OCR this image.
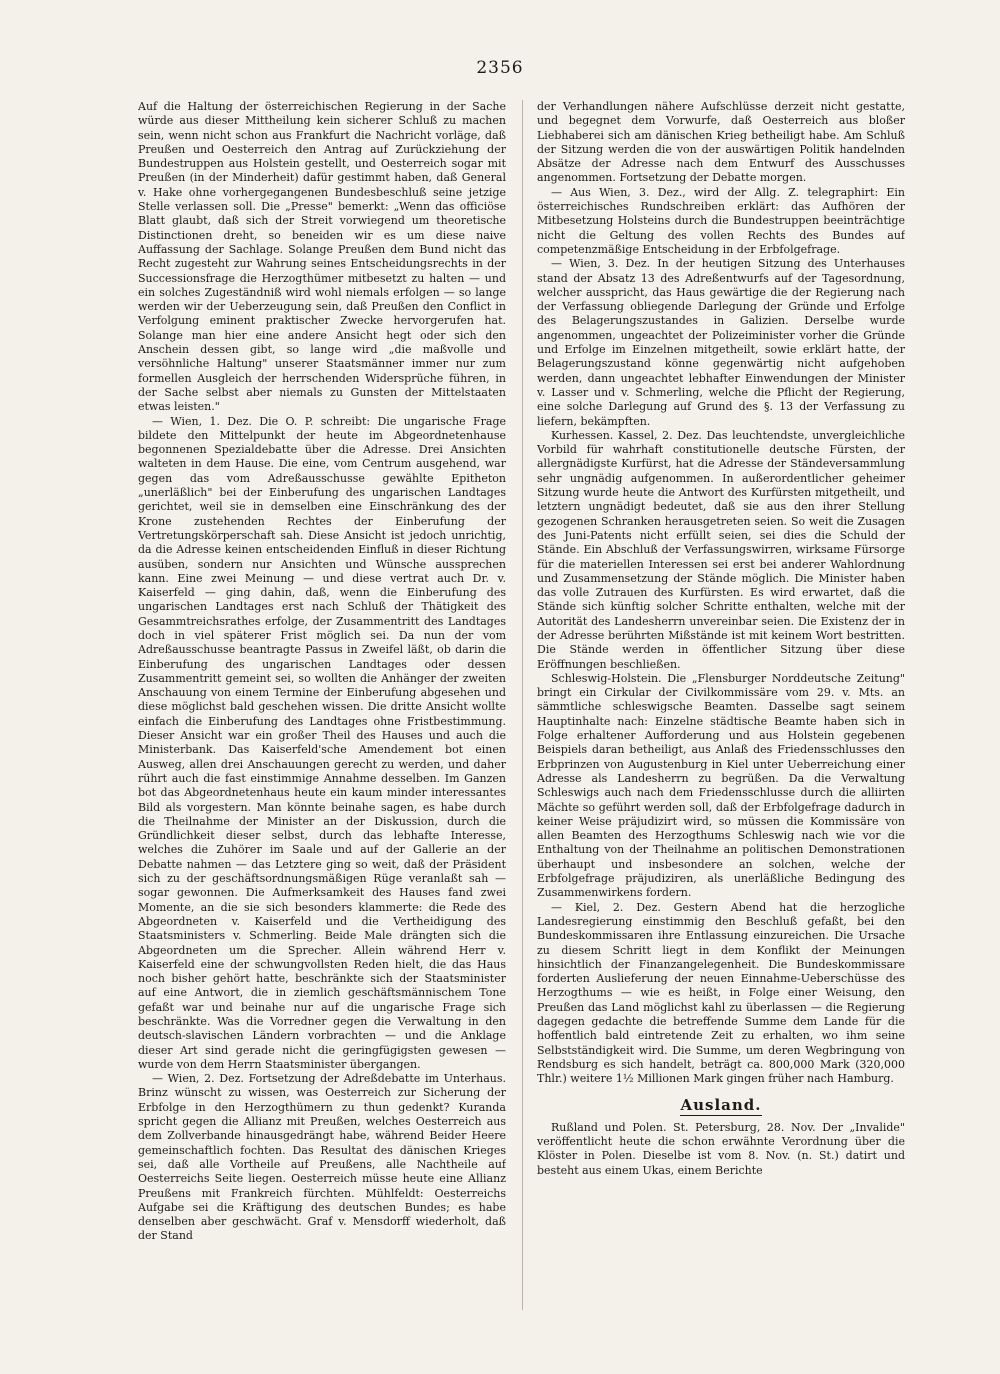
2356

Auf die Haltung der österreichischen Regierung in der Sache würde aus dieser Mittheilung kein sicherer Schluß zu machen sein, wenn nicht schon aus Frankfurt die Nachricht vorläge, daß Preußen und Oesterreich den Antrag auf Zurückziehung der Bundestruppen aus Holstein gestellt, und Oesterreich sogar mit Preußen (in der Minderheit) dafür gestimmt haben, daß General v. Hake ohne vorhergegangenen Bundesbeschluß seine jetzige Stelle verlassen soll. Die „Presse" bemerkt: „Wenn das officiöse Blatt glaubt, daß sich der Streit vorwiegend um theoretische Distinctionen dreht, so beneiden wir es um diese naive Auffassung der Sachlage. Solange Preußen dem Bund nicht das Recht zugesteht zur Wahrung seines Entscheidungsrechts in der Successionsfrage die Herzogthümer mitbesetzt zu halten — und ein solches Zugeständniß wird wohl niemals erfolgen — so lange werden wir der Ueberzeugung sein, daß Preußen den Conflict in Verfolgung eminent praktischer Zwecke hervorgerufen hat. Solange man hier eine andere Ansicht hegt oder sich den Anschein dessen gibt, so lange wird „die maßvolle und versöhnliche Haltung" unserer Staatsmänner immer nur zum formellen Ausgleich der herrschenden Widersprüche führen, in der Sache selbst aber niemals zu Gunsten der Mittelstaaten etwas leisten."

— Wien, 1. Dez. Die O. P. schreibt: Die ungarische Frage bildete den Mittelpunkt der heute im Abgeordnetenhause begonnenen Spezialdebatte über die Adresse. Drei Ansichten walteten in dem Hause. Die eine, vom Centrum ausgehend, war gegen das vom Adreßausschusse gewählte Epitheton „unerläßlich" bei der Einberufung des ungarischen Landtages gerichtet, weil sie in demselben eine Einschränkung des der Krone zustehenden Rechtes der Einberufung der Vertretungskörperschaft sah. Diese Ansicht ist jedoch unrichtig, da die Adresse keinen entscheidenden Einfluß in dieser Richtung ausüben, sondern nur Ansichten und Wünsche aussprechen kann. Eine zwei Meinung — und diese vertrat auch Dr. v. Kaiserfeld — ging dahin, daß, wenn die Einberufung des ungarischen Landtages erst nach Schluß der Thätigkeit des Gesammtreichsrathes erfolge, der Zusammentritt des Landtages doch in viel späterer Frist möglich sei. Da nun der vom Adreßausschusse beantragte Passus in Zweifel läßt, ob darin die Einberufung des ungarischen Landtages oder dessen Zusammentritt gemeint sei, so wollten die Anhänger der zweiten Anschauung von einem Termine der Einberufung abgesehen und diese möglichst bald geschehen wissen. Die dritte Ansicht wollte einfach die Einberufung des Landtages ohne Fristbestimmung. Dieser Ansicht war ein großer Theil des Hauses und auch die Ministerbank. Das Kaiserfeld'sche Amendement bot einen Ausweg, allen drei Anschauungen gerecht zu werden, und daher rührt auch die fast einstimmige Annahme desselben. Im Ganzen bot das Abgeordnetenhaus heute ein kaum minder interessantes Bild als vorgestern. Man könnte beinahe sagen, es habe durch die Theilnahme der Minister an der Diskussion, durch die Gründlichkeit dieser selbst, durch das lebhafte Interesse, welches die Zuhörer im Saale und auf der Gallerie an der Debatte nahmen — das Letztere ging so weit, daß der Präsident sich zu der geschäftsordnungsmäßigen Rüge veranlaßt sah — sogar gewonnen. Die Aufmerksamkeit des Hauses fand zwei Momente, an die sie sich besonders klammerte: die Rede des Abgeordneten v. Kaiserfeld und die Vertheidigung des Staatsministers v. Schmerling. Beide Male drängten sich die Abgeordneten um die Sprecher. Allein während Herr v. Kaiserfeld eine der schwungvollsten Reden hielt, die das Haus noch bisher gehört hatte, beschränkte sich der Staatsminister auf eine Antwort, die in ziemlich geschäftsmännischem Tone gefaßt war und beinahe nur auf die ungarische Frage sich beschränkte. Was die Vorredner gegen die Verwaltung in den deutsch-slavischen Ländern vorbrachten — und die Anklage dieser Art sind gerade nicht die geringfügigsten gewesen — wurde von dem Herrn Staatsminister übergangen.

— Wien, 2. Dez. Fortsetzung der Adreßdebatte im Unterhaus. Brinz wünscht zu wissen, was Oesterreich zur Sicherung der Erbfolge in den Herzogthümern zu thun gedenkt? Kuranda spricht gegen die Allianz mit Preußen, welches Oesterreich aus dem Zollverbande hinausgedrängt habe, während Beider Heere gemeinschaftlich fochten. Das Resultat des dänischen Krieges sei, daß alle Vortheile auf Preußens, alle Nachtheile auf Oesterreichs Seite liegen. Oesterreich müsse heute eine Allianz Preußens mit Frankreich fürchten. Mühlfeldt: Oesterreichs Aufgabe sei die Kräftigung des deutschen Bundes; es habe denselben aber geschwächt. Graf v. Mensdorff wiederholt, daß der Stand

der Verhandlungen nähere Aufschlüsse derzeit nicht gestatte, und begegnet dem Vorwurfe, daß Oesterreich aus bloßer Liebhaberei sich am dänischen Krieg betheiligt habe. Am Schluß der Sitzung werden die von der auswärtigen Politik handelnden Absätze der Adresse nach dem Entwurf des Ausschusses angenommen. Fortsetzung der Debatte morgen.

— Aus Wien, 3. Dez., wird der Allg. Z. telegraphirt: Ein österreichisches Rundschreiben erklärt: das Aufhören der Mitbesetzung Holsteins durch die Bundestruppen beeinträchtige nicht die Geltung des vollen Rechts des Bundes auf competenzmäßige Entscheidung in der Erbfolgefrage.

— Wien, 3. Dez. In der heutigen Sitzung des Unterhauses stand der Absatz 13 des Adreßentwurfs auf der Tagesordnung, welcher ausspricht, das Haus gewärtige die der Regierung nach der Verfassung obliegende Darlegung der Gründe und Erfolge des Belagerungszustandes in Galizien. Derselbe wurde angenommen, ungeachtet der Polizeiminister vorher die Gründe und Erfolge im Einzelnen mitgetheilt, sowie erklärt hatte, der Belagerungszustand könne gegenwärtig nicht aufgehoben werden, dann ungeachtet lebhafter Einwendungen der Minister v. Lasser und v. Schmerling, welche die Pflicht der Regierung, eine solche Darlegung auf Grund des §. 13 der Verfassung zu liefern, bekämpften.

Kurhessen. Kassel, 2. Dez. Das leuchtendste, unvergleichliche Vorbild für wahrhaft constitutionelle deutsche Fürsten, der allergnädigste Kurfürst, hat die Adresse der Ständeversammlung sehr ungnädig aufgenommen. In außerordentlicher geheimer Sitzung wurde heute die Antwort des Kurfürsten mitgetheilt, und letztern ungnädigt bedeutet, daß sie aus den ihrer Stellung gezogenen Schranken herausgetreten seien. So weit die Zusagen des Juni-Patents nicht erfüllt seien, sei dies die Schuld der Stände. Ein Abschluß der Verfassungswirren, wirksame Fürsorge für die materiellen Interessen sei erst bei anderer Wahlordnung und Zusammensetzung der Stände möglich. Die Minister haben das volle Zutrauen des Kurfürsten. Es wird erwartet, daß die Stände sich künftig solcher Schritte enthalten, welche mit der Autorität des Landesherrn unvereinbar seien. Die Existenz der in der Adresse berührten Mißstände ist mit keinem Wort bestritten. Die Stände werden in öffentlicher Sitzung über diese Eröffnungen beschließen.

Schleswig-Holstein. Die „Flensburger Norddeutsche Zeitung" bringt ein Cirkular der Civilkommissäre vom 29. v. Mts. an sämmtliche schleswigsche Beamten. Dasselbe sagt seinem Hauptinhalte nach: Einzelne städtische Beamte haben sich in Folge erhaltener Aufforderung und aus Holstein gegebenen Beispiels daran betheiligt, aus Anlaß des Friedensschlusses den Erbprinzen von Augustenburg in Kiel unter Ueberreichung einer Adresse als Landesherrn zu begrüßen. Da die Verwaltung Schleswigs auch nach dem Friedensschlusse durch die alliirten Mächte so geführt werden soll, daß der Erbfolgefrage dadurch in keiner Weise präjudizirt wird, so müssen die Kommissäre von allen Beamten des Herzogthums Schleswig nach wie vor die Enthaltung von der Theilnahme an politischen Demonstrationen überhaupt und insbesondere an solchen, welche der Erbfolgefrage präjudiziren, als unerläßliche Bedingung des Zusammenwirkens fordern.

— Kiel, 2. Dez. Gestern Abend hat die herzogliche Landesregierung einstimmig den Beschluß gefaßt, bei den Bundeskommissaren ihre Entlassung einzureichen. Die Ursache zu diesem Schritt liegt in dem Konflikt der Meinungen hinsichtlich der Finanzangelegenheit. Die Bundeskommissare forderten Auslieferung der neuen Einnahme-Ueberschüsse des Herzogthums — wie es heißt, in Folge einer Weisung, den Preußen das Land möglichst kahl zu überlassen — die Regierung dagegen gedachte die betreffende Summe dem Lande für die hoffentlich bald eintretende Zeit zu erhalten, wo ihm seine Selbstständigkeit wird. Die Summe, um deren Wegbringung von Rendsburg es sich handelt, beträgt ca. 800,000 Mark (320,000 Thlr.) weitere 1½ Millionen Mark gingen früher nach Hamburg.

Ausland.

Rußland und Polen. St. Petersburg, 28. Nov. Der „Invalide" veröffentlicht heute die schon erwähnte Verordnung über die Klöster in Polen. Dieselbe ist vom 8. Nov. (n. St.) datirt und besteht aus einem Ukas, einem Berichte
